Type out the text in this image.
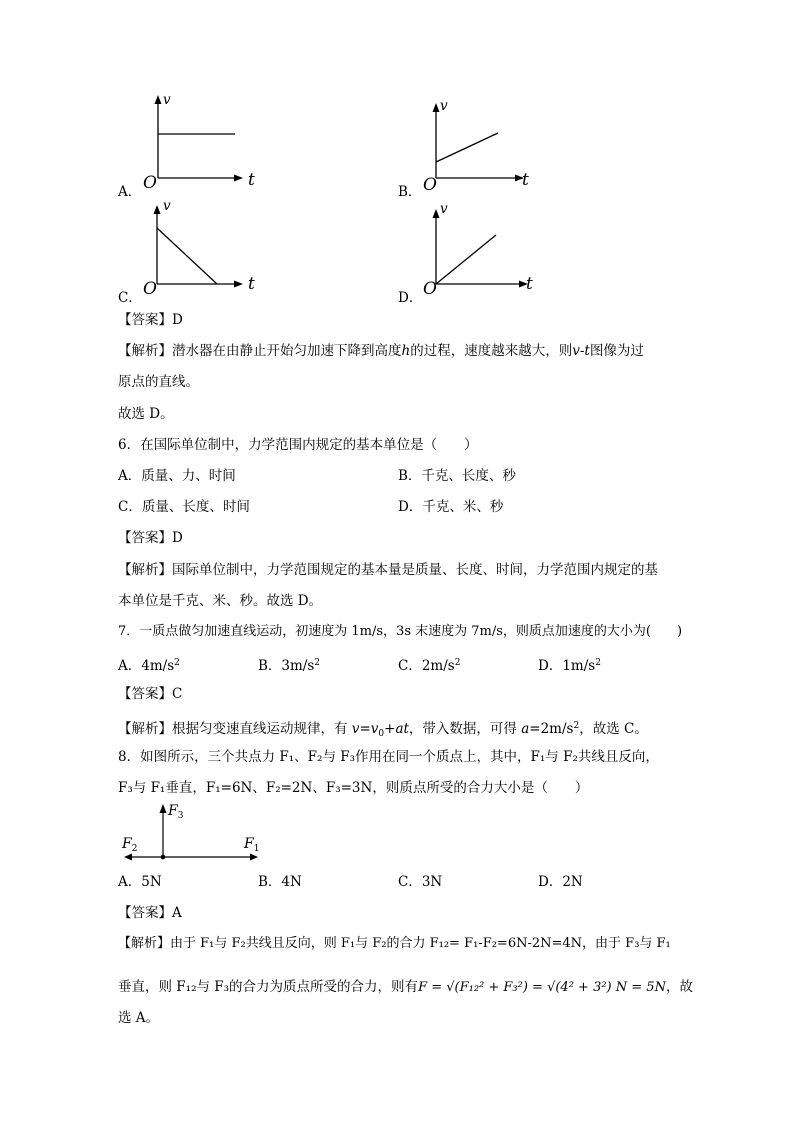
v
t
O
A．
v
t
O
B．
v
t
O
C．
v
t
O
D．
【答案】D
【解析】潜水器在由静止开始匀加速下降到高度h的过程，速度越来越大，则v-t图像为过
原点的直线。
故选 D。
6．在国际单位制中，力学范围内规定的基本单位是（　　）
A．质量、力、时间	B．千克、长度、秒
C．质量、长度、时间	D．千克、米、秒
【答案】D
【解析】国际单位制中，力学范围规定的基本量是质量、长度、时间，力学范围内规定的基
本单位是千克、米、秒。故选 D。
7．一质点做匀加速直线运动，初速度为 1m/s，3s 末速度为 7m/s，则质点加速度的大小为(　　)
A．$4m/s^2$	B．$3m/s^2$	C．$2m/s^2$	D．$1m/s^2$
【答案】C
【解析】根据匀变速直线运动规律，有 $v=v_0+at$，带入数据，可得 $a=2m/s^2$，故选 C。
8．如图所示，三个共点力 F₁、F₂与 F₃作用在同一个质点上，其中，F₁与 F₂共线且反向，
F₃与 F₁垂直，F₁=6N、F₂=2N、F₃=3N，则质点所受的合力大小是（　　）
$F_3$
$F_2$	$F_1$
A．5N	B．4N	C．3N	D．2N
【答案】A
【解析】由于 F₁与 F₂共线且反向，则 F₁与 F₂的合力 F₁₂= F₁-F₂=6N-2N=4N，由于 F₃与 F₁
垂直，则 F₁₂与 F₃的合力为质点所受的合力，则有F = √(F₁₂² + F₃²) = √(4² + 3²) N = 5N，故
选 A。
